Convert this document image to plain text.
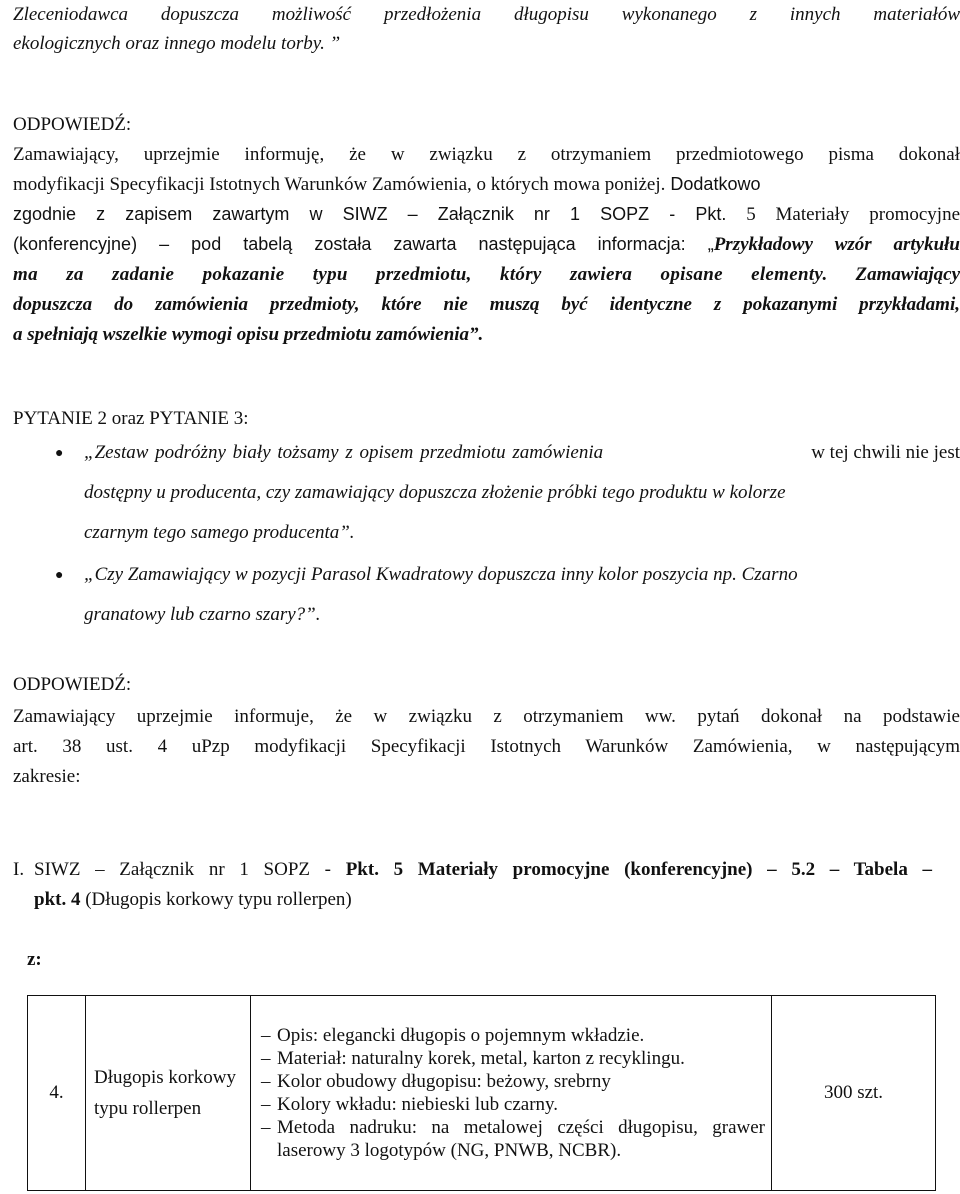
Zleceniodawca dopuszcza możliwość przedłożenia długopisu wykonanego z innych materiałów
ekologicznych oraz innego modelu torby. ”
ODPOWIEDŹ:
Zamawiający, uprzejmie informuję, że w związku z otrzymaniem przedmiotowego pisma dokonał
modyfikacji Specyfikacji Istotnych Warunków Zamówienia, o których mowa poniżej. Dodatkowo
zgodnie z zapisem zawartym w SIWZ – Załącznik nr 1 SOPZ - Pkt. 5 Materiały promocyjne
(konferencyjne) – pod tabelą została zawarta następująca informacja: „Przykładowy wzór artykułu
ma za zadanie pokazanie typu przedmiotu, który zawiera opisane elementy. Zamawiający
dopuszcza do zamówienia przedmioty, które nie muszą być identyczne z pokazanymi przykładami,
a spełniają wszelkie wymogi opisu przedmiotu zamówienia”.
PYTANIE 2 oraz PYTANIE 3:
● „Zestaw podróżny biały tożsamy z opisem przedmiotu zamówienia	w tej chwili nie jest
dostępny u producenta, czy zamawiający dopuszcza złożenie próbki tego produktu w kolorze
czarnym tego samego producenta”.
● „Czy Zamawiający w pozycji Parasol Kwadratowy dopuszcza inny kolor poszycia np. Czarno
granatowy lub czarno szary?”.
ODPOWIEDŹ:
Zamawiający uprzejmie informuje, że w związku z otrzymaniem ww. pytań dokonał na podstawie
art. 38 ust. 4 uPzp modyfikacji Specyfikacji Istotnych Warunków Zamówienia, w następującym
zakresie:
I. SIWZ – Załącznik nr 1 SOPZ - Pkt. 5 Materiały promocyjne (konferencyjne) – 5.2 – Tabela –
pkt. 4 (Długopis korkowy typu rollerpen)
z:
4.	Długopis korkowy typu rollerpen	
– Opis: elegancki długopis o pojemnym wkładzie.
– Materiał: naturalny korek, metal, karton z recyklingu.
– Kolor obudowy długopisu: beżowy, srebrny
– Kolory wkładu: niebieski lub czarny.
– Metoda nadruku: na metalowej części długopisu, grawer laserowy 3 logotypów (NG, PNWB, NCBR).
	300 szt.
